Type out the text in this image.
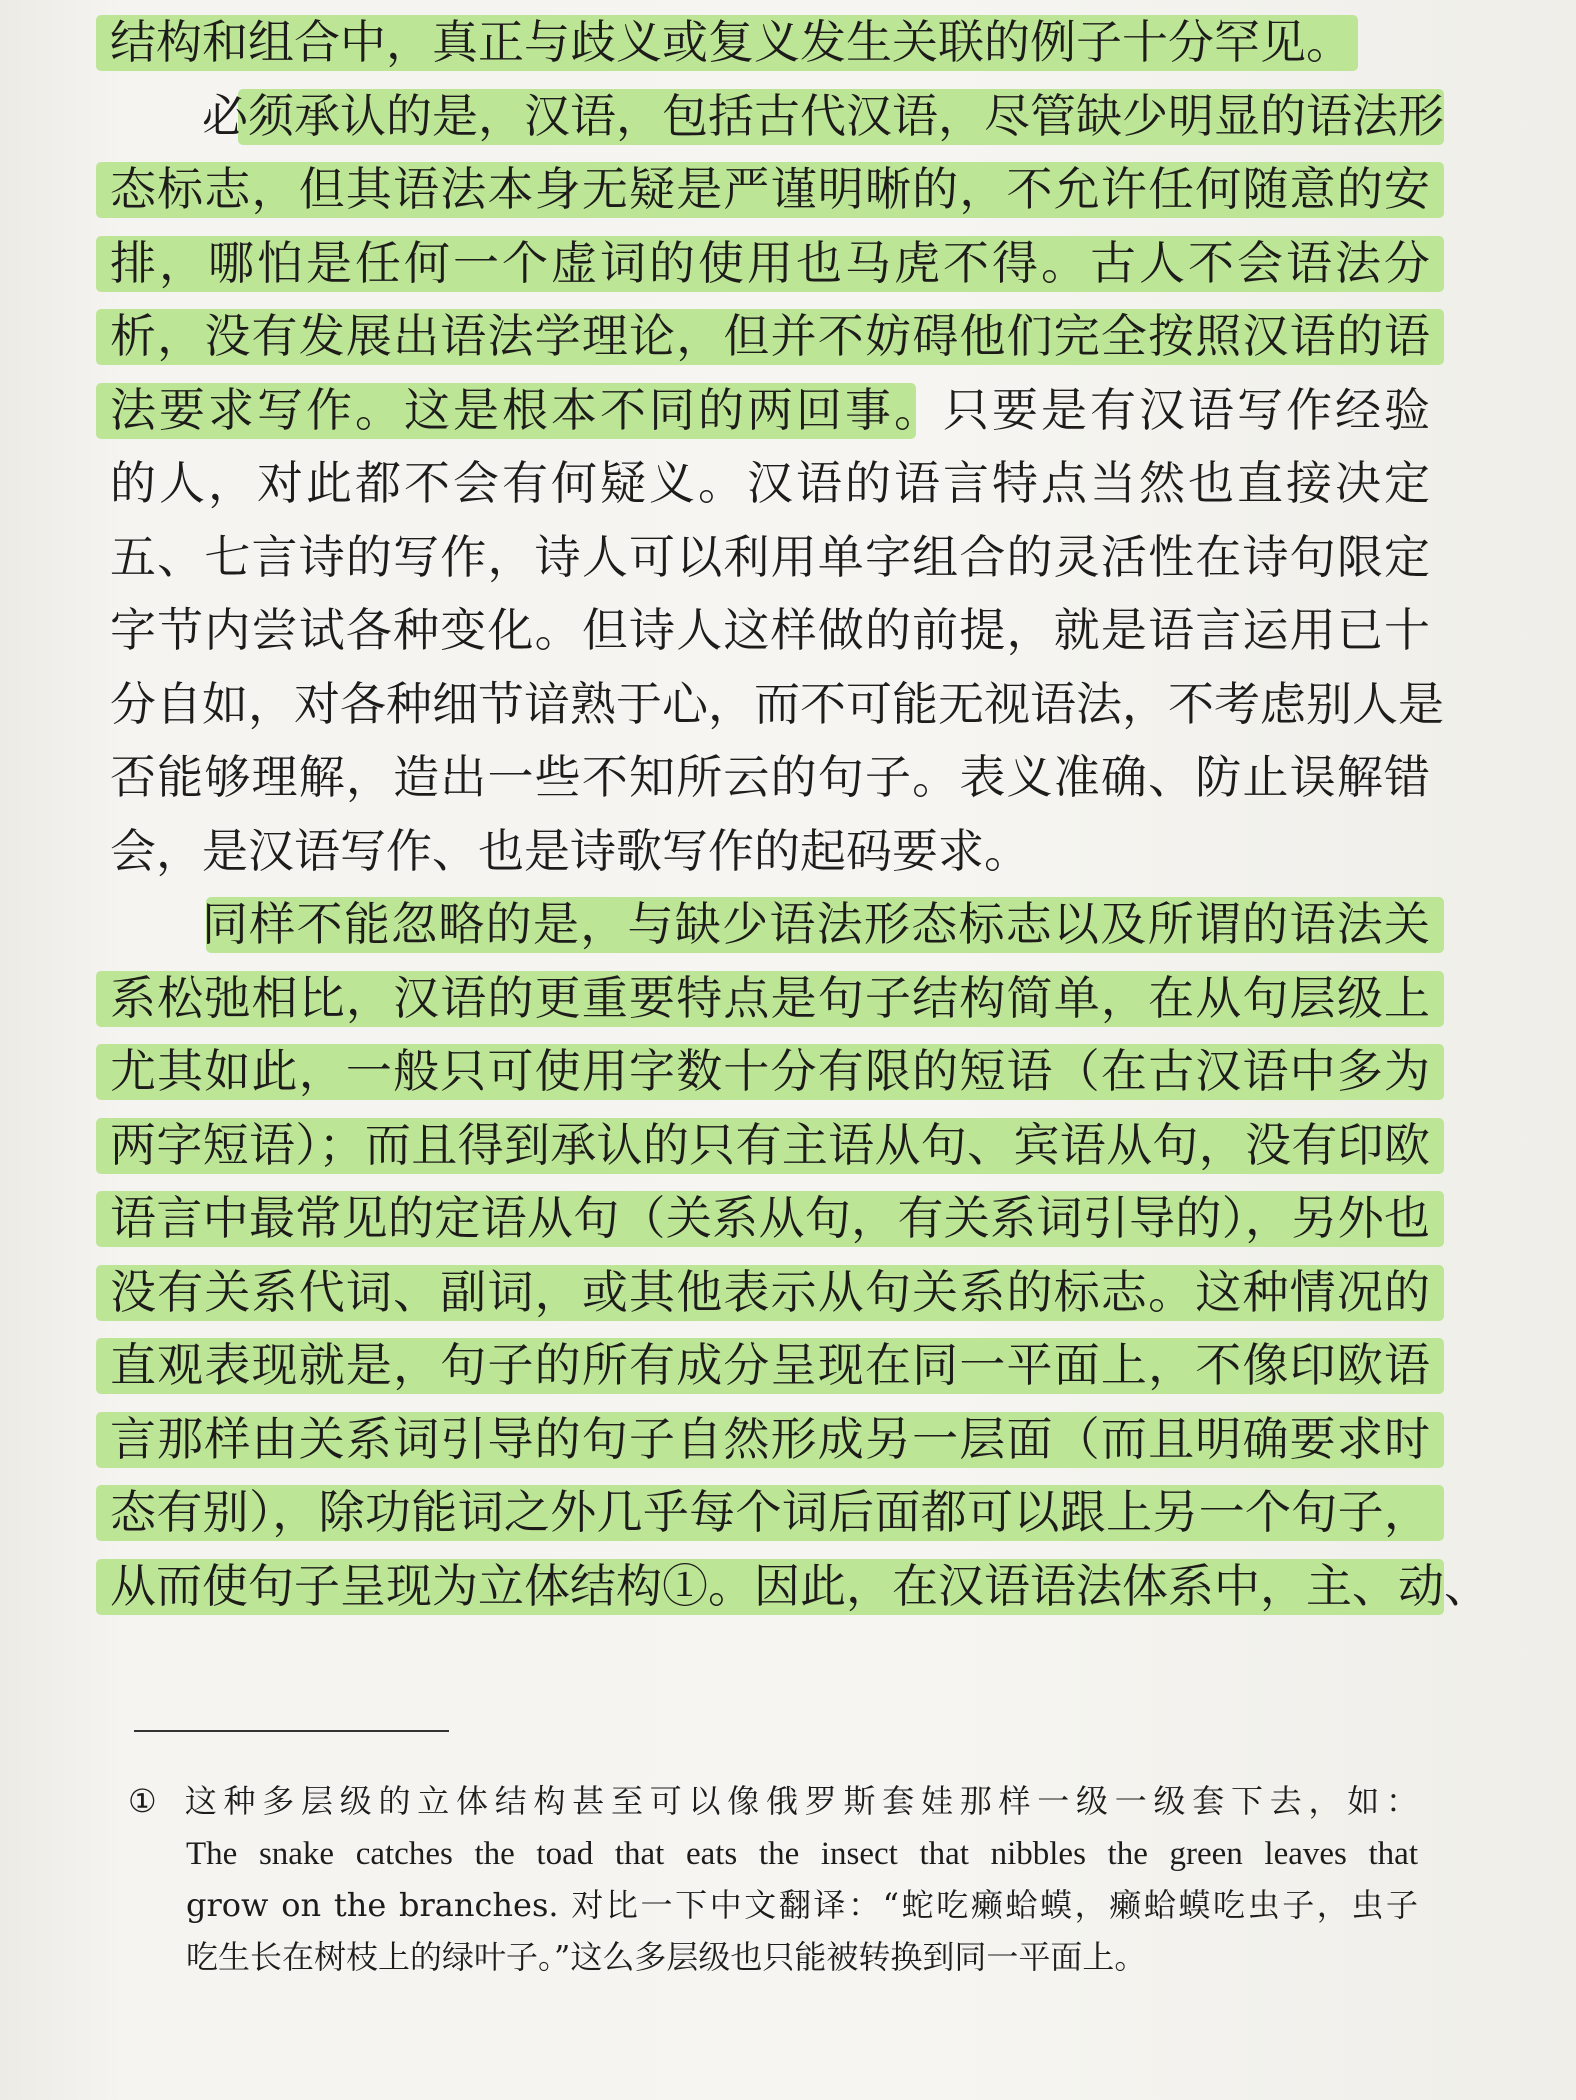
结构和组合中，真正与歧义或复义发生关联的例子十分罕见。
必须承认的是，汉语，包括古代汉语，尽管缺少明显的语法形
态标志，但其语法本身无疑是严谨明晰的，不允许任何随意的安
排，哪怕是任何一个虚词的使用也马虎不得。古人不会语法分
析，没有发展出语法学理论，但并不妨碍他们完全按照汉语的语
法要求写作。这是根本不同的两回事。只要是有汉语写作经验
的人，对此都不会有何疑义。汉语的语言特点当然也直接决定
五、七言诗的写作，诗人可以利用单字组合的灵活性在诗句限定
字节内尝试各种变化。但诗人这样做的前提，就是语言运用已十
分自如，对各种细节谙熟于心，而不可能无视语法，不考虑别人是
否能够理解，造出一些不知所云的句子。表义准确、防止误解错
会，是汉语写作、也是诗歌写作的起码要求。
同样不能忽略的是，与缺少语法形态标志以及所谓的语法关
系松弛相比，汉语的更重要特点是句子结构简单，在从句层级上
尤其如此，一般只可使用字数十分有限的短语（在古汉语中多为
两字短语）；而且得到承认的只有主语从句、宾语从句，没有印欧
语言中最常见的定语从句（关系从句，有关系词引导的），另外也
没有关系代词、副词，或其他表示从句关系的标志。这种情况的
直观表现就是，句子的所有成分呈现在同一平面上，不像印欧语
言那样由关系词引导的句子自然形成另一层面（而且明确要求时
态有别），除功能词之外几乎每个词后面都可以跟上另一个句子，
从而使句子呈现为立体结构①。因此，在汉语语法体系中，主、动、
① 这种多层级的立体结构甚至可以像俄罗斯套娃那样一级一级套下去，如：
The snake catches the toad that eats the insect that nibbles the green leaves that
grow on the branches. 对比一下中文翻译：“蛇吃癞蛤蟆，癞蛤蟆吃虫子，虫子
吃生长在树枝上的绿叶子。”这么多层级也只能被转换到同一平面上。
